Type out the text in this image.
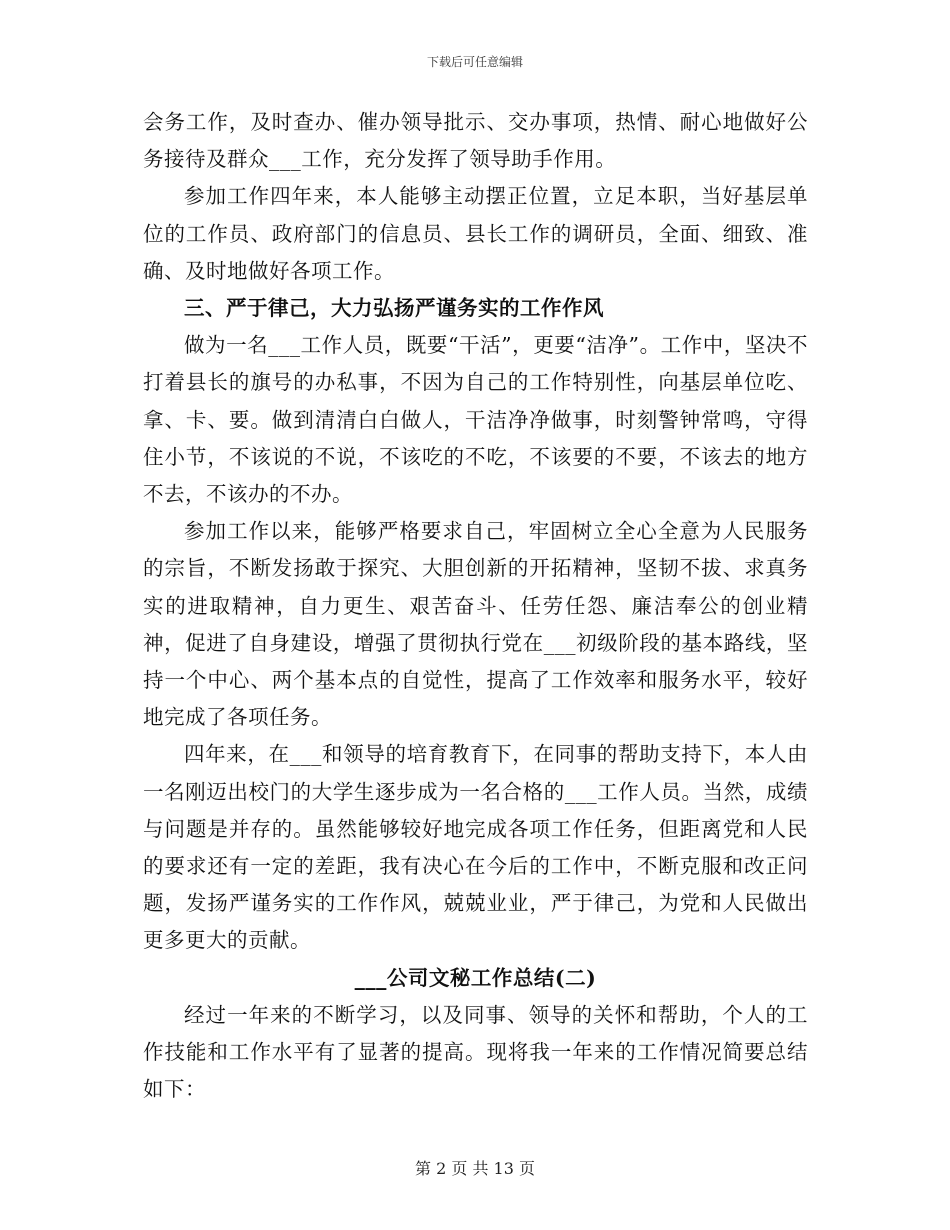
下载后可任意编辑

会务工作，及时查办、催办领导批示、交办事项，热情、耐心地做好公务接待及群众___工作，充分发挥了领导助手作用。

参加工作四年来，本人能够主动摆正位置，立足本职，当好基层单位的工作员、政府部门的信息员、县长工作的调研员，全面、细致、准确、及时地做好各项工作。

三、严于律己，大力弘扬严谨务实的工作作风

做为一名___工作人员，既要“干活”，更要“洁净”。工作中，坚决不打着县长的旗号的办私事，不因为自己的工作特别性，向基层单位吃、拿、卡、要。做到清清白白做人，干洁净净做事，时刻警钟常鸣，守得住小节，不该说的不说，不该吃的不吃，不该要的不要，不该去的地方不去，不该办的不办。

参加工作以来，能够严格要求自己，牢固树立全心全意为人民服务的宗旨，不断发扬敢于探究、大胆创新的开拓精神，坚韧不拔、求真务实的进取精神，自力更生、艰苦奋斗、任劳任怨、廉洁奉公的创业精神，促进了自身建设，增强了贯彻执行党在___初级阶段的基本路线，坚持一个中心、两个基本点的自觉性，提高了工作效率和服务水平，较好地完成了各项任务。

四年来，在___和领导的培育教育下，在同事的帮助支持下，本人由一名刚迈出校门的大学生逐步成为一名合格的___工作人员。当然，成绩与问题是并存的。虽然能够较好地完成各项工作任务，但距离党和人民的要求还有一定的差距，我有决心在今后的工作中，不断克服和改正问题，发扬严谨务实的工作作风，兢兢业业，严于律己，为党和人民做出更多更大的贡献。

___公司文秘工作总结(二)

经过一年来的不断学习，以及同事、领导的关怀和帮助，个人的工作技能和工作水平有了显著的提高。现将我一年来的工作情况简要总结如下：

第 2 页 共 13 页
